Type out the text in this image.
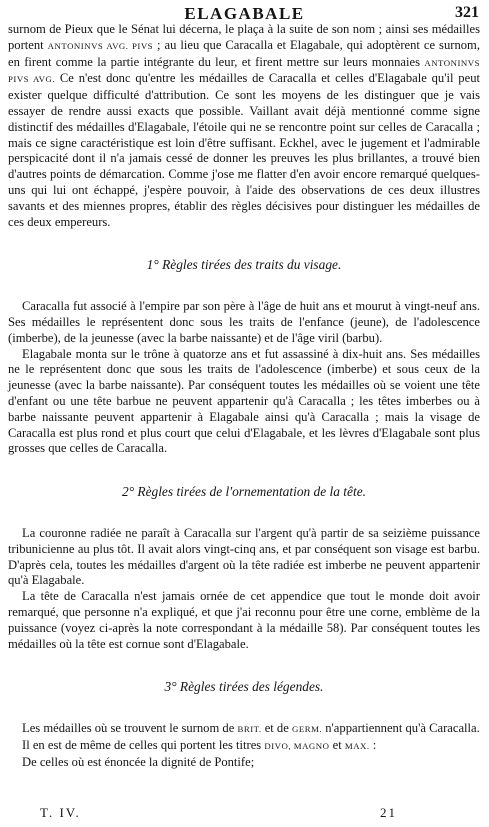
ELAGABALE	321

surnom de Pieux que le Sénat lui décerna, le plaça à la suite de son nom ; ainsi ses médailles portent ANTONINVS AVG. PIVS ; au lieu que Caracalla et Elagabale, qui adoptèrent ce surnom, en firent comme la partie intégrante du leur, et firent mettre sur leurs monnaies ANTONINVS PIVS AVG. Ce n'est donc qu'entre les médailles de Caracalla et celles d'Elagabale qu'il peut exister quelque difficulté d'attribution. Ce sont les moyens de les distinguer que je vais essayer de rendre aussi exacts que possible. Vaillant avait déjà mentionné comme signe distinctif des médailles d'Elagabale, l'étoile qui ne se rencontre point sur celles de Caracalla ; mais ce signe caractéristique est loin d'être suffisant. Eckhel, avec le jugement et l'admirable perspicacité dont il n'a jamais cessé de donner les preuves les plus brillantes, a trouvé bien d'autres points de démarcation. Comme j'ose me flatter d'en avoir encore remarqué quelques-uns qui lui ont échappé, j'espère pouvoir, à l'aide des observations de ces deux illustres savants et des miennes propres, établir des règles décisives pour distinguer les médailles de ces deux empereurs.

1° Règles tirées des traits du visage.

Caracalla fut associé à l'empire par son père à l'âge de huit ans et mourut à vingt-neuf ans. Ses médailles le représentent donc sous les traits de l'enfance (jeune), de l'adolescence (imberbe), de la jeunesse (avec la barbe naissante) et de l'âge viril (barbu).

Elagabale monta sur le trône à quatorze ans et fut assassiné à dix-huit ans. Ses médailles ne le représentent donc que sous les traits de l'adolescence (imberbe) et sous ceux de la jeunesse (avec la barbe naissante). Par conséquent toutes les médailles où se voient une tête d'enfant ou une tête barbue ne peuvent appartenir qu'à Caracalla ; les têtes imberbes ou à barbe naissante peuvent appartenir à Elagabale ainsi qu'à Caracalla ; mais la visage de Caracalla est plus rond et plus court que celui d'Elagabale, et les lèvres d'Elagabale sont plus grosses que celles de Caracalla.

2° Règles tirées de l'ornementation de la tête.

La couronne radiée ne paraît à Caracalla sur l'argent qu'à partir de sa seizième puissance tribunicienne au plus tôt. Il avait alors vingt-cinq ans, et par conséquent son visage est barbu. D'après cela, toutes les médailles d'argent où la tête radiée est imberbe ne peuvent appartenir qu'à Elagabale.

La tête de Caracalla n'est jamais ornée de cet appendice que tout le monde doit avoir remarqué, que personne n'a expliqué, et que j'ai reconnu pour être une corne, emblème de la puissance (voyez ci-après la note correspondant à la médaille 58). Par conséquent toutes les médailles où la tête est cornue sont d'Elagabale.

3° Règles tirées des légendes.

Les médailles où se trouvent le surnom de BRIT. et de GERM. n'appartiennent qu'à Caracalla.

Il en est de même de celles qui portent les titres DIVO, MAGNO et MAX. :

De celles où est énoncée la dignité de Pontife;

T. IV.	21
